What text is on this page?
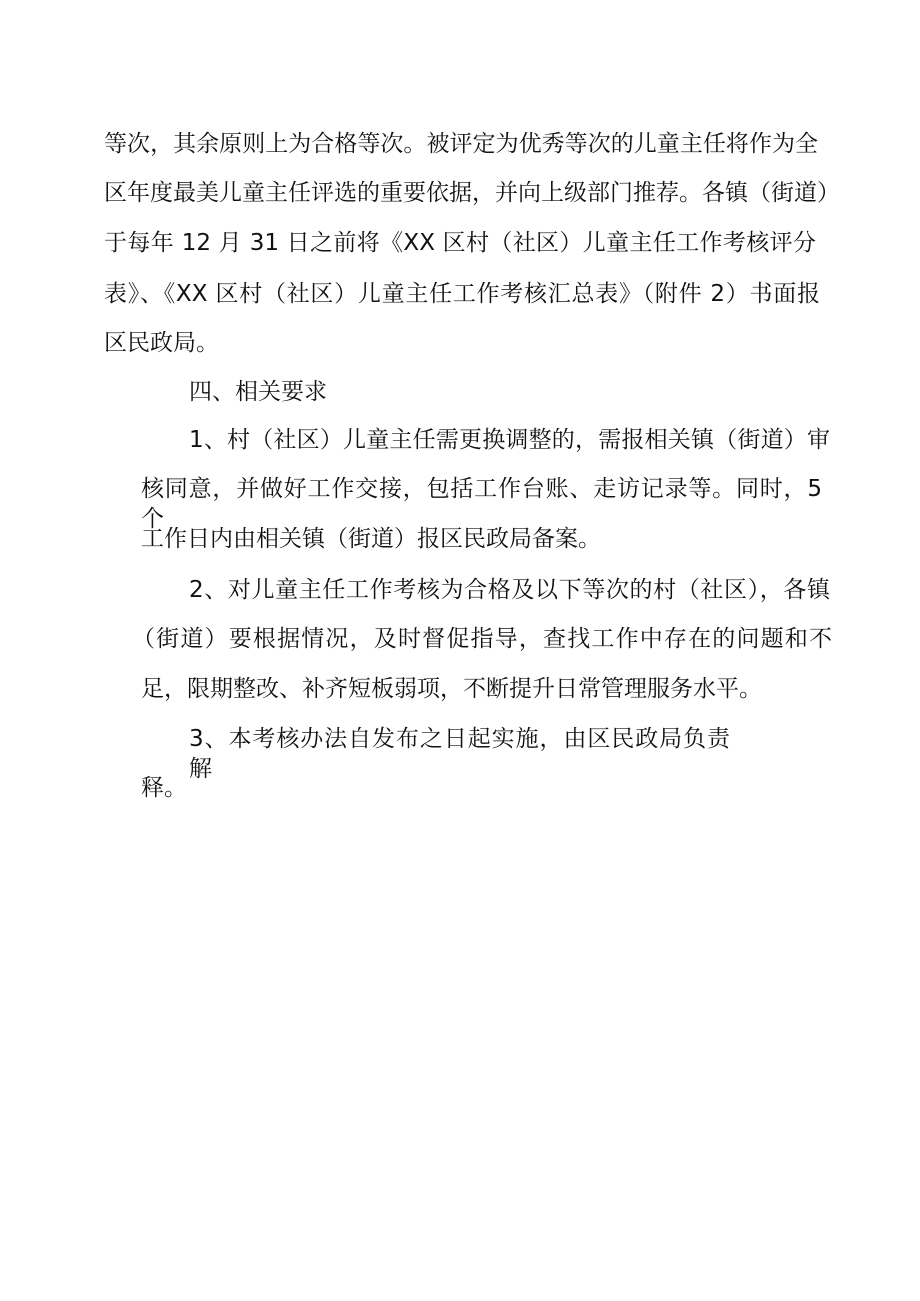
等次，其余原则上为合格等次。被评定为优秀等次的儿童主任将作为全
区年度最美儿童主任评选的重要依据，并向上级部门推荐。各镇（街道）
于每年 12 月 31 日之前将《XX 区村（社区）儿童主任工作考核评分
表》、《XX 区村（社区）儿童主任工作考核汇总表》（附件 2）书面报
区民政局。
四、相关要求
1、村（社区）儿童主任需更换调整的，需报相关镇（街道）审
核同意，并做好工作交接，包括工作台账、走访记录等。同时，5 个
工作日内由相关镇（街道）报区民政局备案。
2、对儿童主任工作考核为合格及以下等次的村（社区），各镇
（街道）要根据情况，及时督促指导，查找工作中存在的问题和不
足，限期整改、补齐短板弱项，不断提升日常管理服务水平。
3、本考核办法自发布之日起实施，由区民政局负责解
释。
